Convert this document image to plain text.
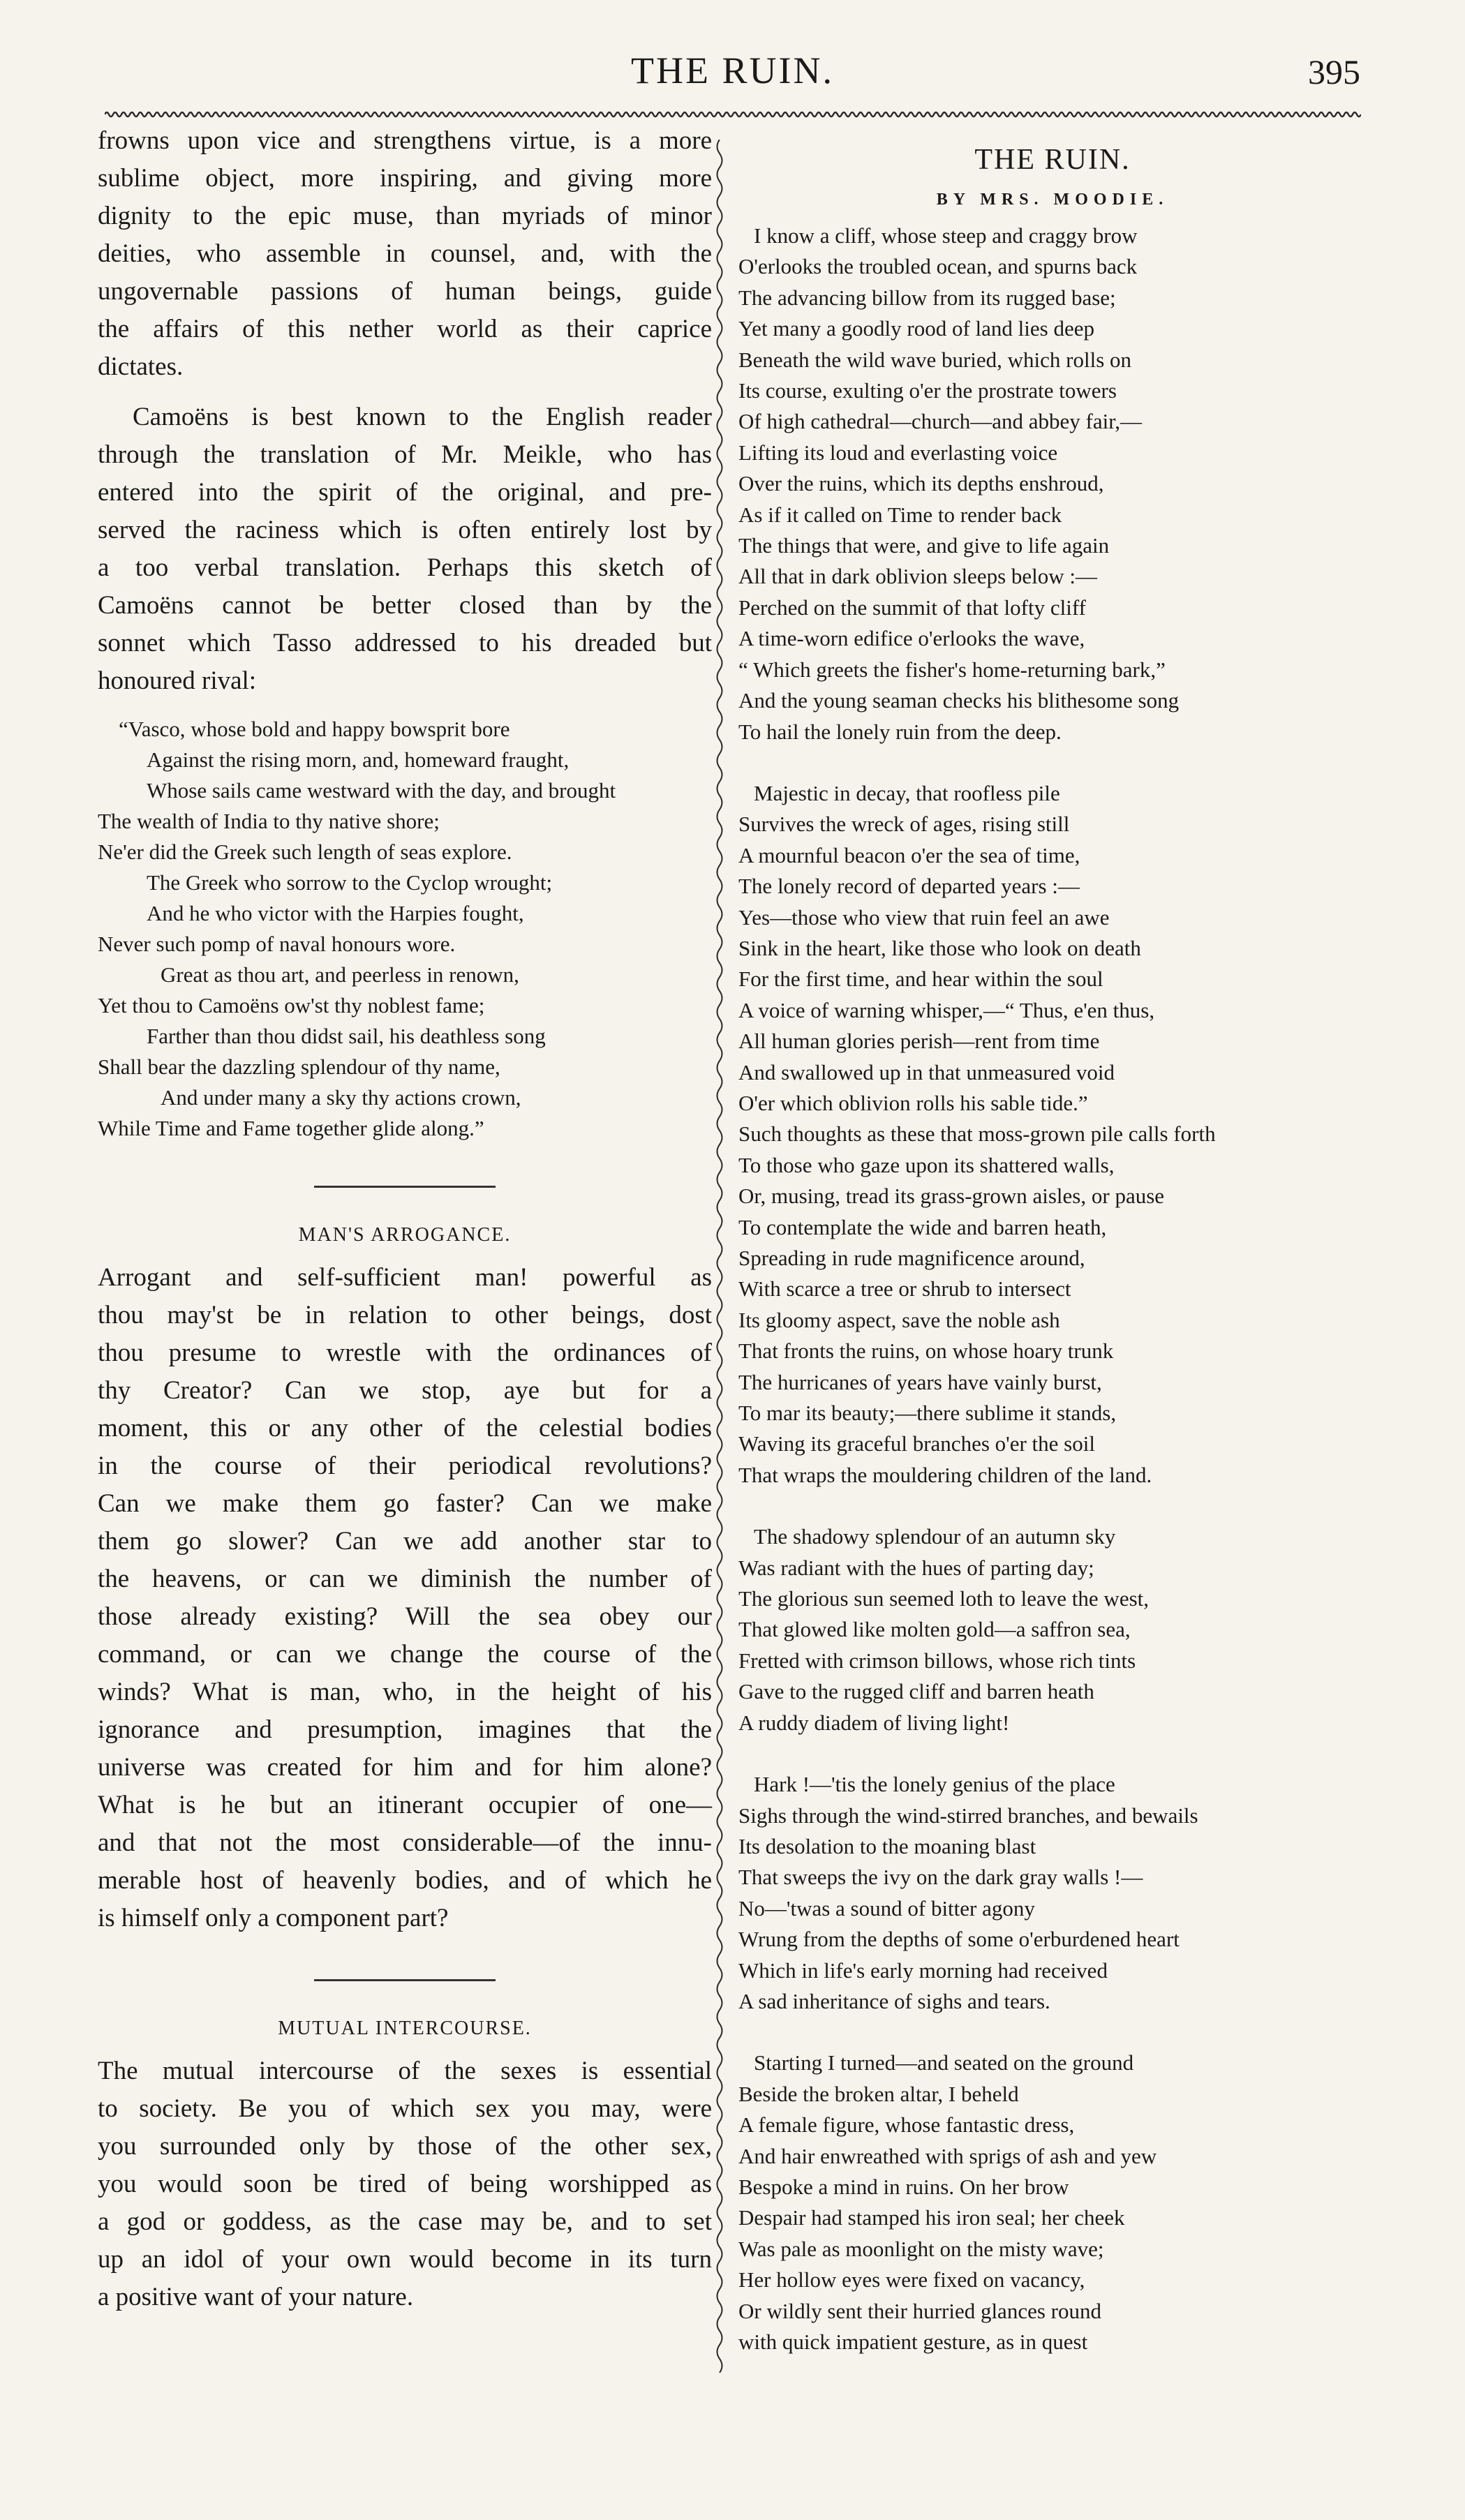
THE RUIN.	395
frowns upon vice and strengthens virtue, is a more
sublime object, more inspiring, and giving more
dignity to the epic muse, than myriads of minor
deities, who assemble in counsel, and, with the
ungovernable passions of human beings, guide
the affairs of this nether world as their caprice
dictates.
Camoëns is best known to the English reader
through the translation of Mr. Meikle, who has
entered into the spirit of the original, and pre-
served the raciness which is often entirely lost by
a too verbal translation. Perhaps this sketch of
Camoëns cannot be better closed than by the
sonnet which Tasso addressed to his dreaded but
honoured rival:
“Vasco, whose bold and happy bowsprit bore
Against the rising morn, and, homeward fraught,
Whose sails came westward with the day, and brought
The wealth of India to thy native shore;
Ne'er did the Greek such length of seas explore.
The Greek who sorrow to the Cyclop wrought;
And he who victor with the Harpies fought,
Never such pomp of naval honours wore.
Great as thou art, and peerless in renown,
Yet thou to Camoëns ow'st thy noblest fame;
Farther than thou didst sail, his deathless song
Shall bear the dazzling splendour of thy name,
And under many a sky thy actions crown,
While Time and Fame together glide along.”
MAN'S ARROGANCE.
Arrogant and self-sufficient man! powerful as
thou may'st be in relation to other beings, dost
thou presume to wrestle with the ordinances of
thy Creator? Can we stop, aye but for a
moment, this or any other of the celestial bodies
in the course of their periodical revolutions?
Can we make them go faster? Can we make
them go slower? Can we add another star to
the heavens, or can we diminish the number of
those already existing? Will the sea obey our
command, or can we change the course of the
winds? What is man, who, in the height of his
ignorance and presumption, imagines that the
universe was created for him and for him alone?
What is he but an itinerant occupier of one—
and that not the most considerable—of the innu-
merable host of heavenly bodies, and of which he
is himself only a component part?
MUTUAL INTERCOURSE.
The mutual intercourse of the sexes is essential
to society. Be you of which sex you may, were
you surrounded only by those of the other sex,
you would soon be tired of being worshipped as
a god or goddess, as the case may be, and to set
up an idol of your own would become in its turn
a positive want of your nature.
THE RUIN.
BY MRS. MOODIE.
I know a cliff, whose steep and craggy brow
O'erlooks the troubled ocean, and spurns back
The advancing billow from its rugged base;
Yet many a goodly rood of land lies deep
Beneath the wild wave buried, which rolls on
Its course, exulting o'er the prostrate towers
Of high cathedral—church—and abbey fair,—
Lifting its loud and everlasting voice
Over the ruins, which its depths enshroud,
As if it called on Time to render back
The things that were, and give to life again
All that in dark oblivion sleeps below :—
Perched on the summit of that lofty cliff
A time-worn edifice o'erlooks the wave,
“ Which greets the fisher's home-returning bark,”
And the young seaman checks his blithesome song
To hail the lonely ruin from the deep.
Majestic in decay, that roofless pile
Survives the wreck of ages, rising still
A mournful beacon o'er the sea of time,
The lonely record of departed years :—
Yes—those who view that ruin feel an awe
Sink in the heart, like those who look on death
For the first time, and hear within the soul
A voice of warning whisper,—“ Thus, e'en thus,
All human glories perish—rent from time
And swallowed up in that unmeasured void
O'er which oblivion rolls his sable tide.”
Such thoughts as these that moss-grown pile calls forth
To those who gaze upon its shattered walls,
Or, musing, tread its grass-grown aisles, or pause
To contemplate the wide and barren heath,
Spreading in rude magnificence around,
With scarce a tree or shrub to intersect
Its gloomy aspect, save the noble ash
That fronts the ruins, on whose hoary trunk
The hurricanes of years have vainly burst,
To mar its beauty;—there sublime it stands,
Waving its graceful branches o'er the soil
That wraps the mouldering children of the land.
The shadowy splendour of an autumn sky
Was radiant with the hues of parting day;
The glorious sun seemed loth to leave the west,
That glowed like molten gold—a saffron sea,
Fretted with crimson billows, whose rich tints
Gave to the rugged cliff and barren heath
A ruddy diadem of living light!
Hark !—'tis the lonely genius of the place
Sighs through the wind-stirred branches, and bewails
Its desolation to the moaning blast
That sweeps the ivy on the dark gray walls !—
No—'twas a sound of bitter agony
Wrung from the depths of some o'erburdened heart
Which in life's early morning had received
A sad inheritance of sighs and tears.
Starting I turned—and seated on the ground
Beside the broken altar, I beheld
A female figure, whose fantastic dress,
And hair enwreathed with sprigs of ash and yew
Bespoke a mind in ruins. On her brow
Despair had stamped his iron seal; her cheek
Was pale as moonlight on the misty wave;
Her hollow eyes were fixed on vacancy,
Or wildly sent their hurried glances round
with quick impatient gesture, as in quest
